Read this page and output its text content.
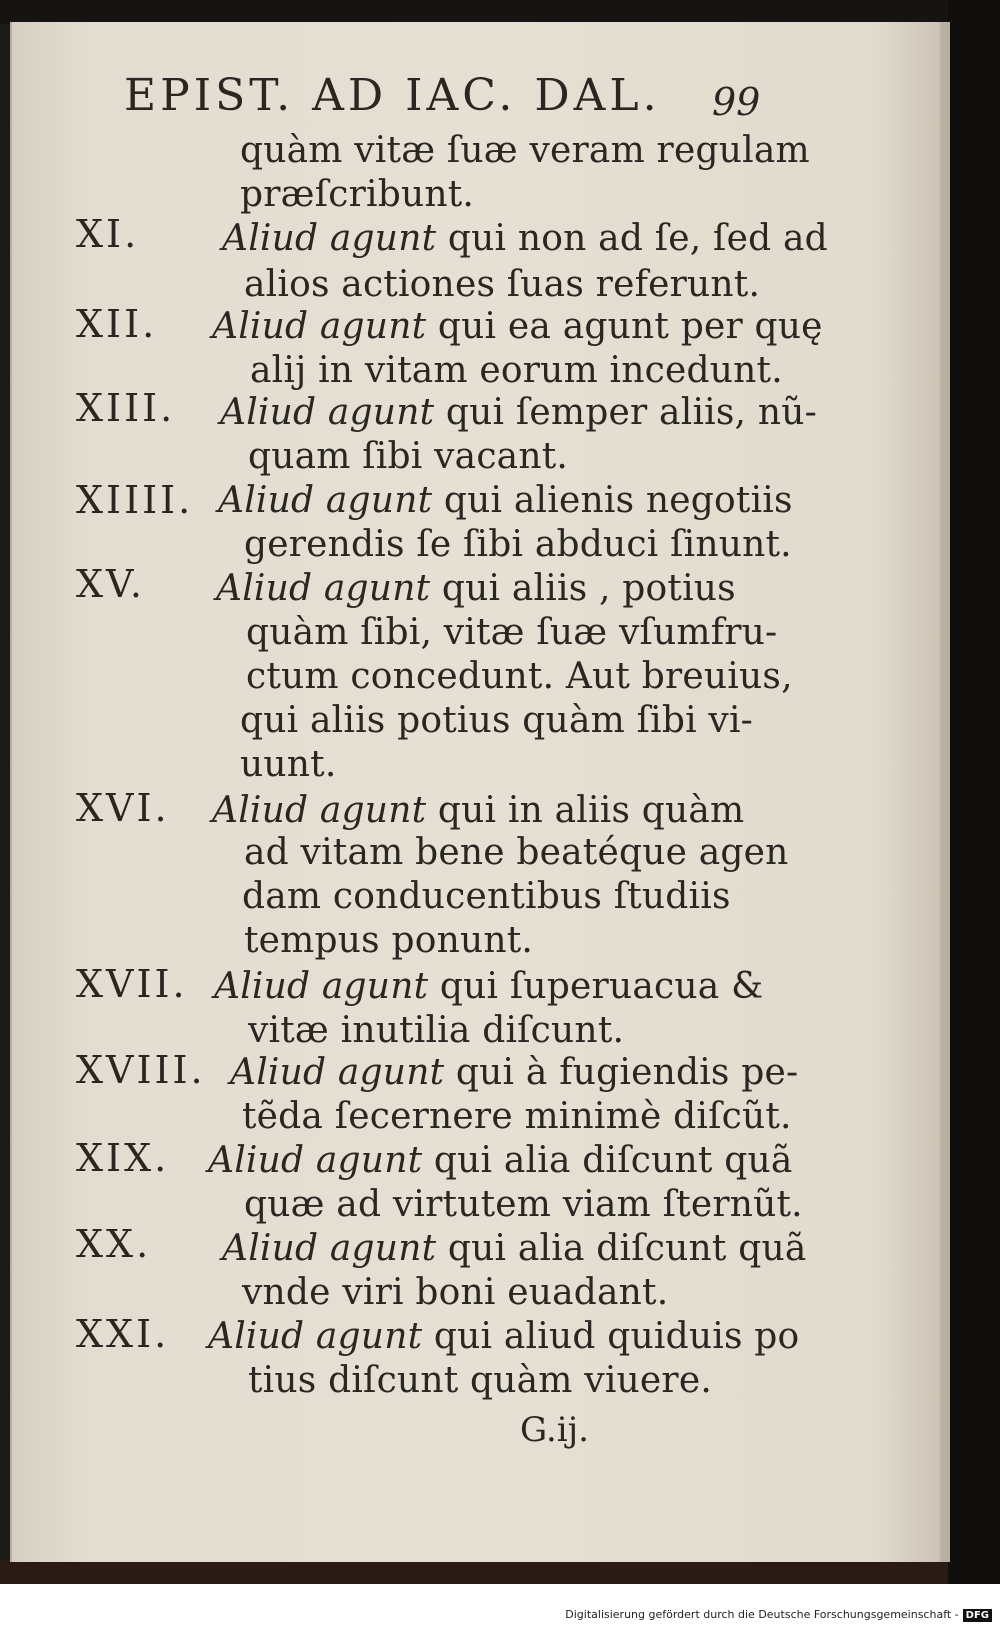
EPIST. AD IAC. DAL. 99
quàm vitæ ſuæ veram regulam
præſcribunt.
XI. Aliud agunt qui non ad ſe, ſed ad
alios actiones ſuas referunt.
XII. Aliud agunt qui ea agunt per quę
alij in vitam eorum incedunt.
XIII. Aliud agunt qui ſemper aliis, nũ-
quam ſibi vacant.
XIIII. Aliud agunt qui alienis negotiis
gerendis ſe ſibi abduci ſinunt.
XV. Aliud agunt qui aliis , potius
quàm ſibi, vitæ ſuæ vſumfru-
ctum concedunt. Aut breuius,
qui aliis potius quàm ſibi vi-
uunt.
XVI. Aliud agunt qui in aliis quàm
ad vitam bene beatéque agen
dam conducentibus ſtudiis
tempus ponunt.
XVII. Aliud agunt qui ſuperuacua &
vitæ inutilia diſcunt.
XVIII. Aliud agunt qui à fugiendis pe-
tẽda ſecernere minimè diſcũt.
XIX. Aliud agunt qui alia diſcunt quã
quæ ad virtutem viam ſternũt.
XX. Aliud agunt qui alia diſcunt quã
vnde viri boni euadant.
XXI. Aliud agunt qui aliud quiduis po
tius diſcunt quàm viuere.
G.ij.
Digitalisierung gefördert durch die Deutsche Forschungsgemeinschaft - DFG
